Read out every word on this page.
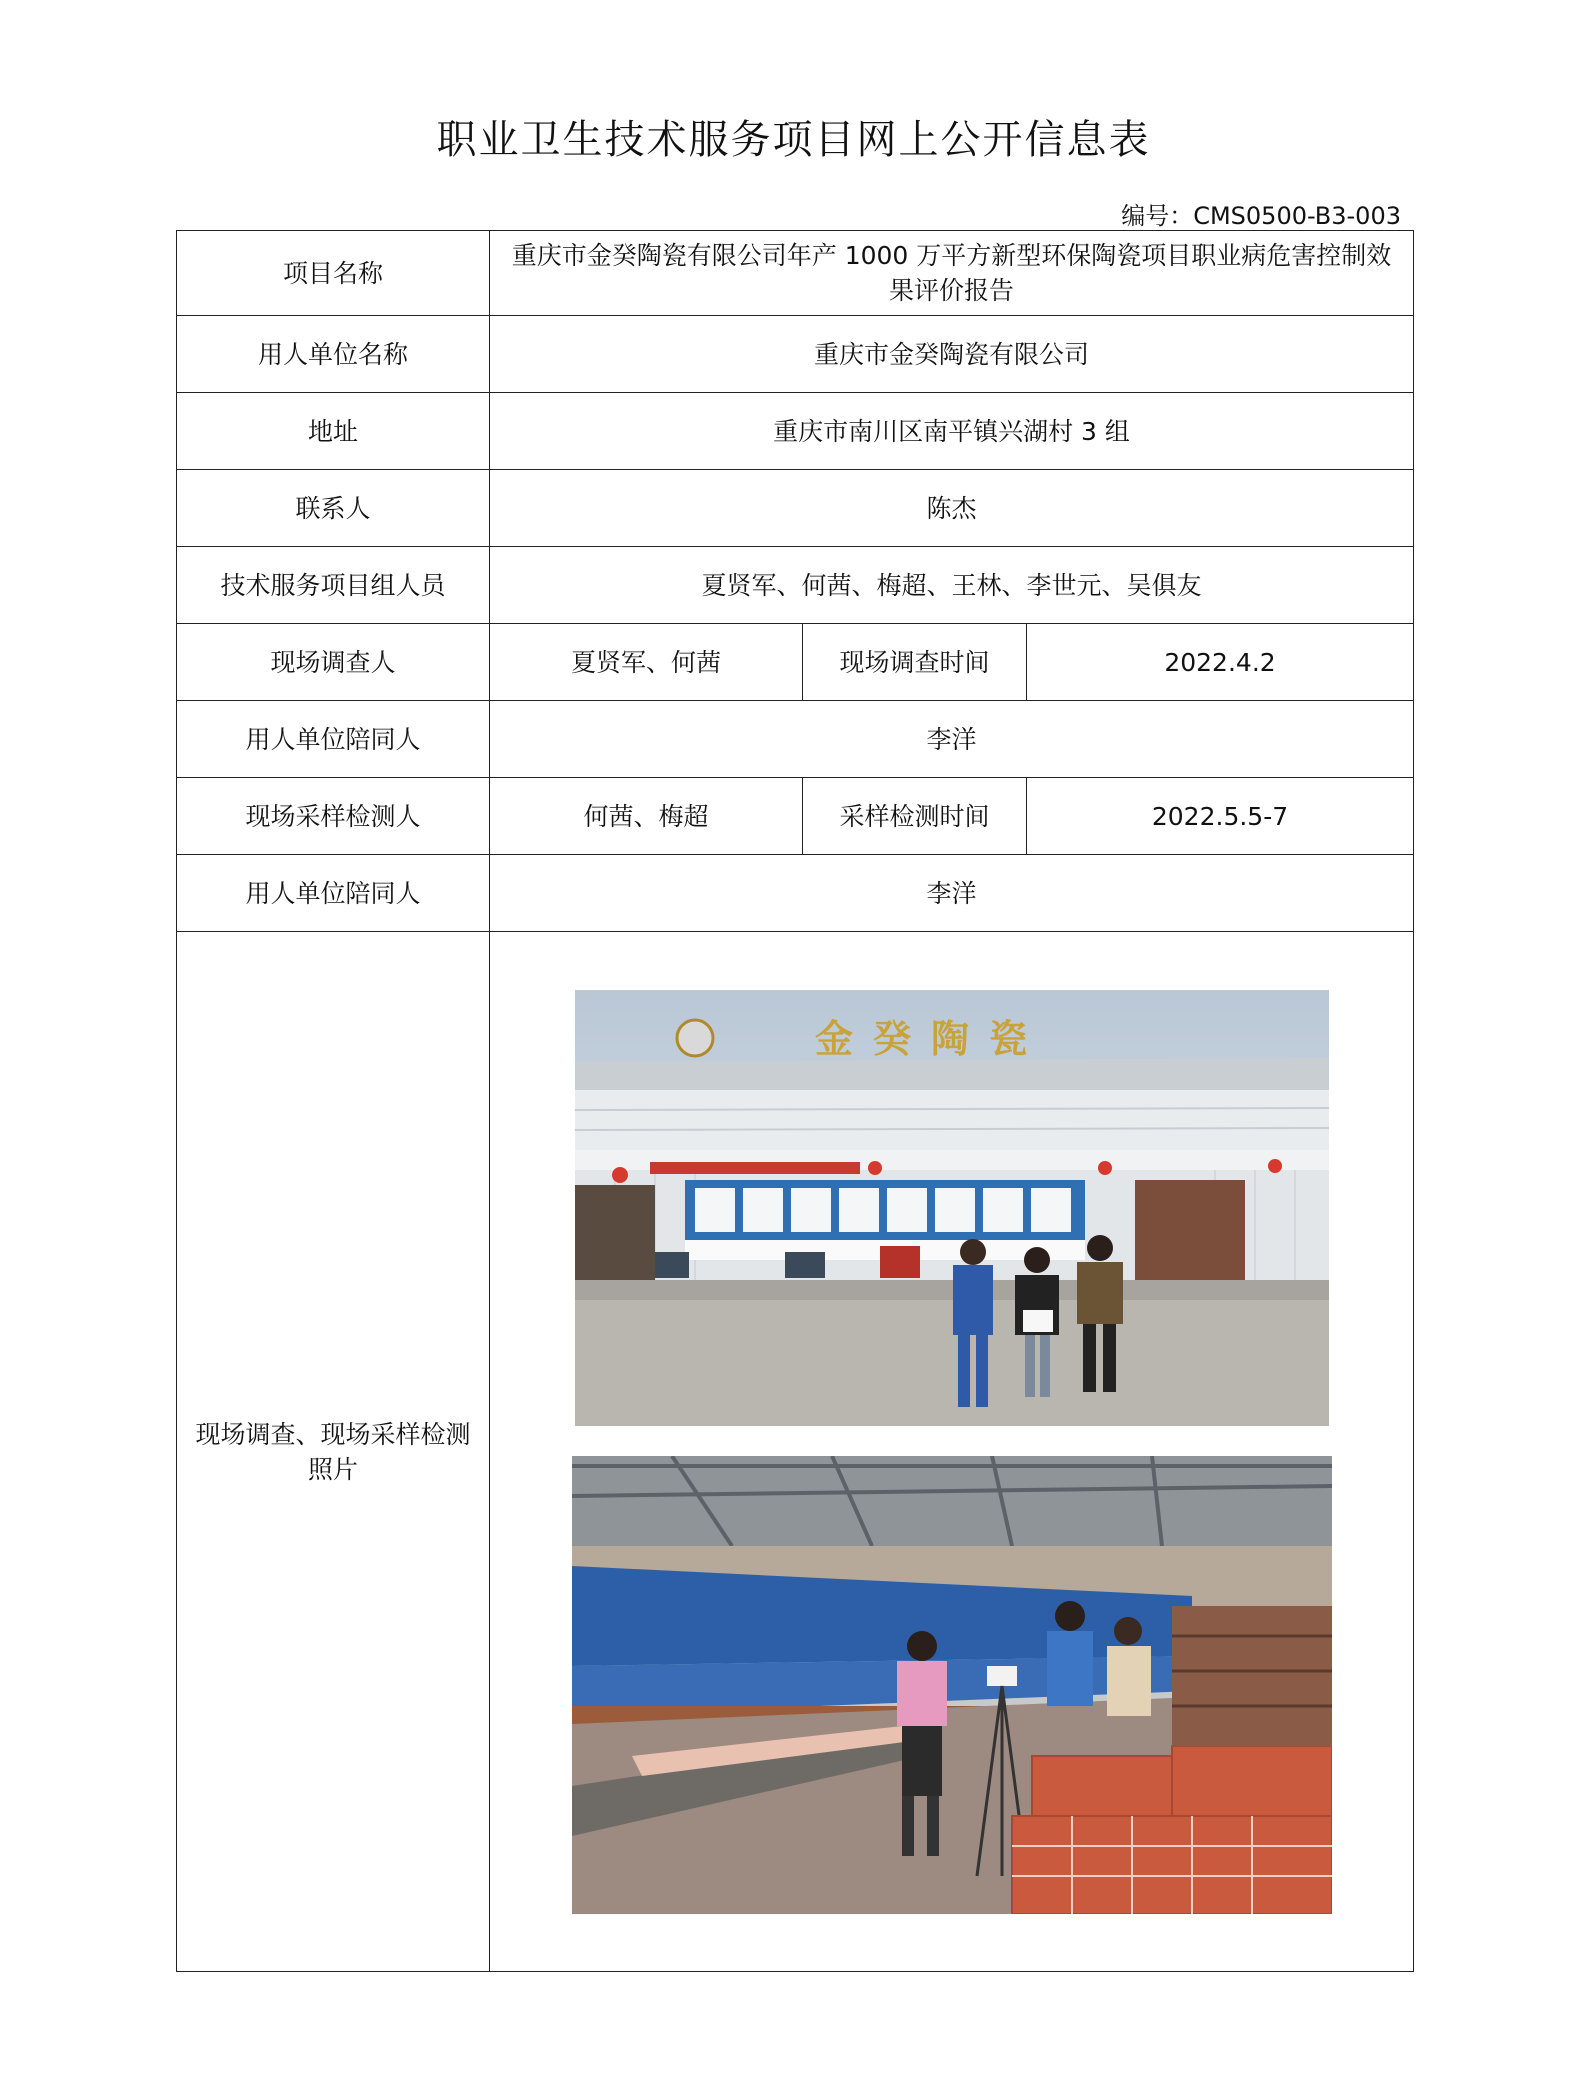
职业卫生技术服务项目网上公开信息表
编号：CMS0500-B3-003
项目名称	重庆市金癸陶瓷有限公司年产 1000 万平方新型环保陶瓷项目职业病危害控制效果评价报告		
用人单位名称	重庆市金癸陶瓷有限公司		
地址	重庆市南川区南平镇兴湖村 3 组		
联系人	陈杰		
技术服务项目组人员	夏贤军、何茜、梅超、王林、李世元、吴俱友		
现场调查人	夏贤军、何茜	现场调查时间	2022.4.2
用人单位陪同人	李洋		
现场采样检测人	何茜、梅超	采样检测时间	2022.5.5-7
用人单位陪同人	李洋		
现场调查、现场采样检测照片	金癸陶瓷		
